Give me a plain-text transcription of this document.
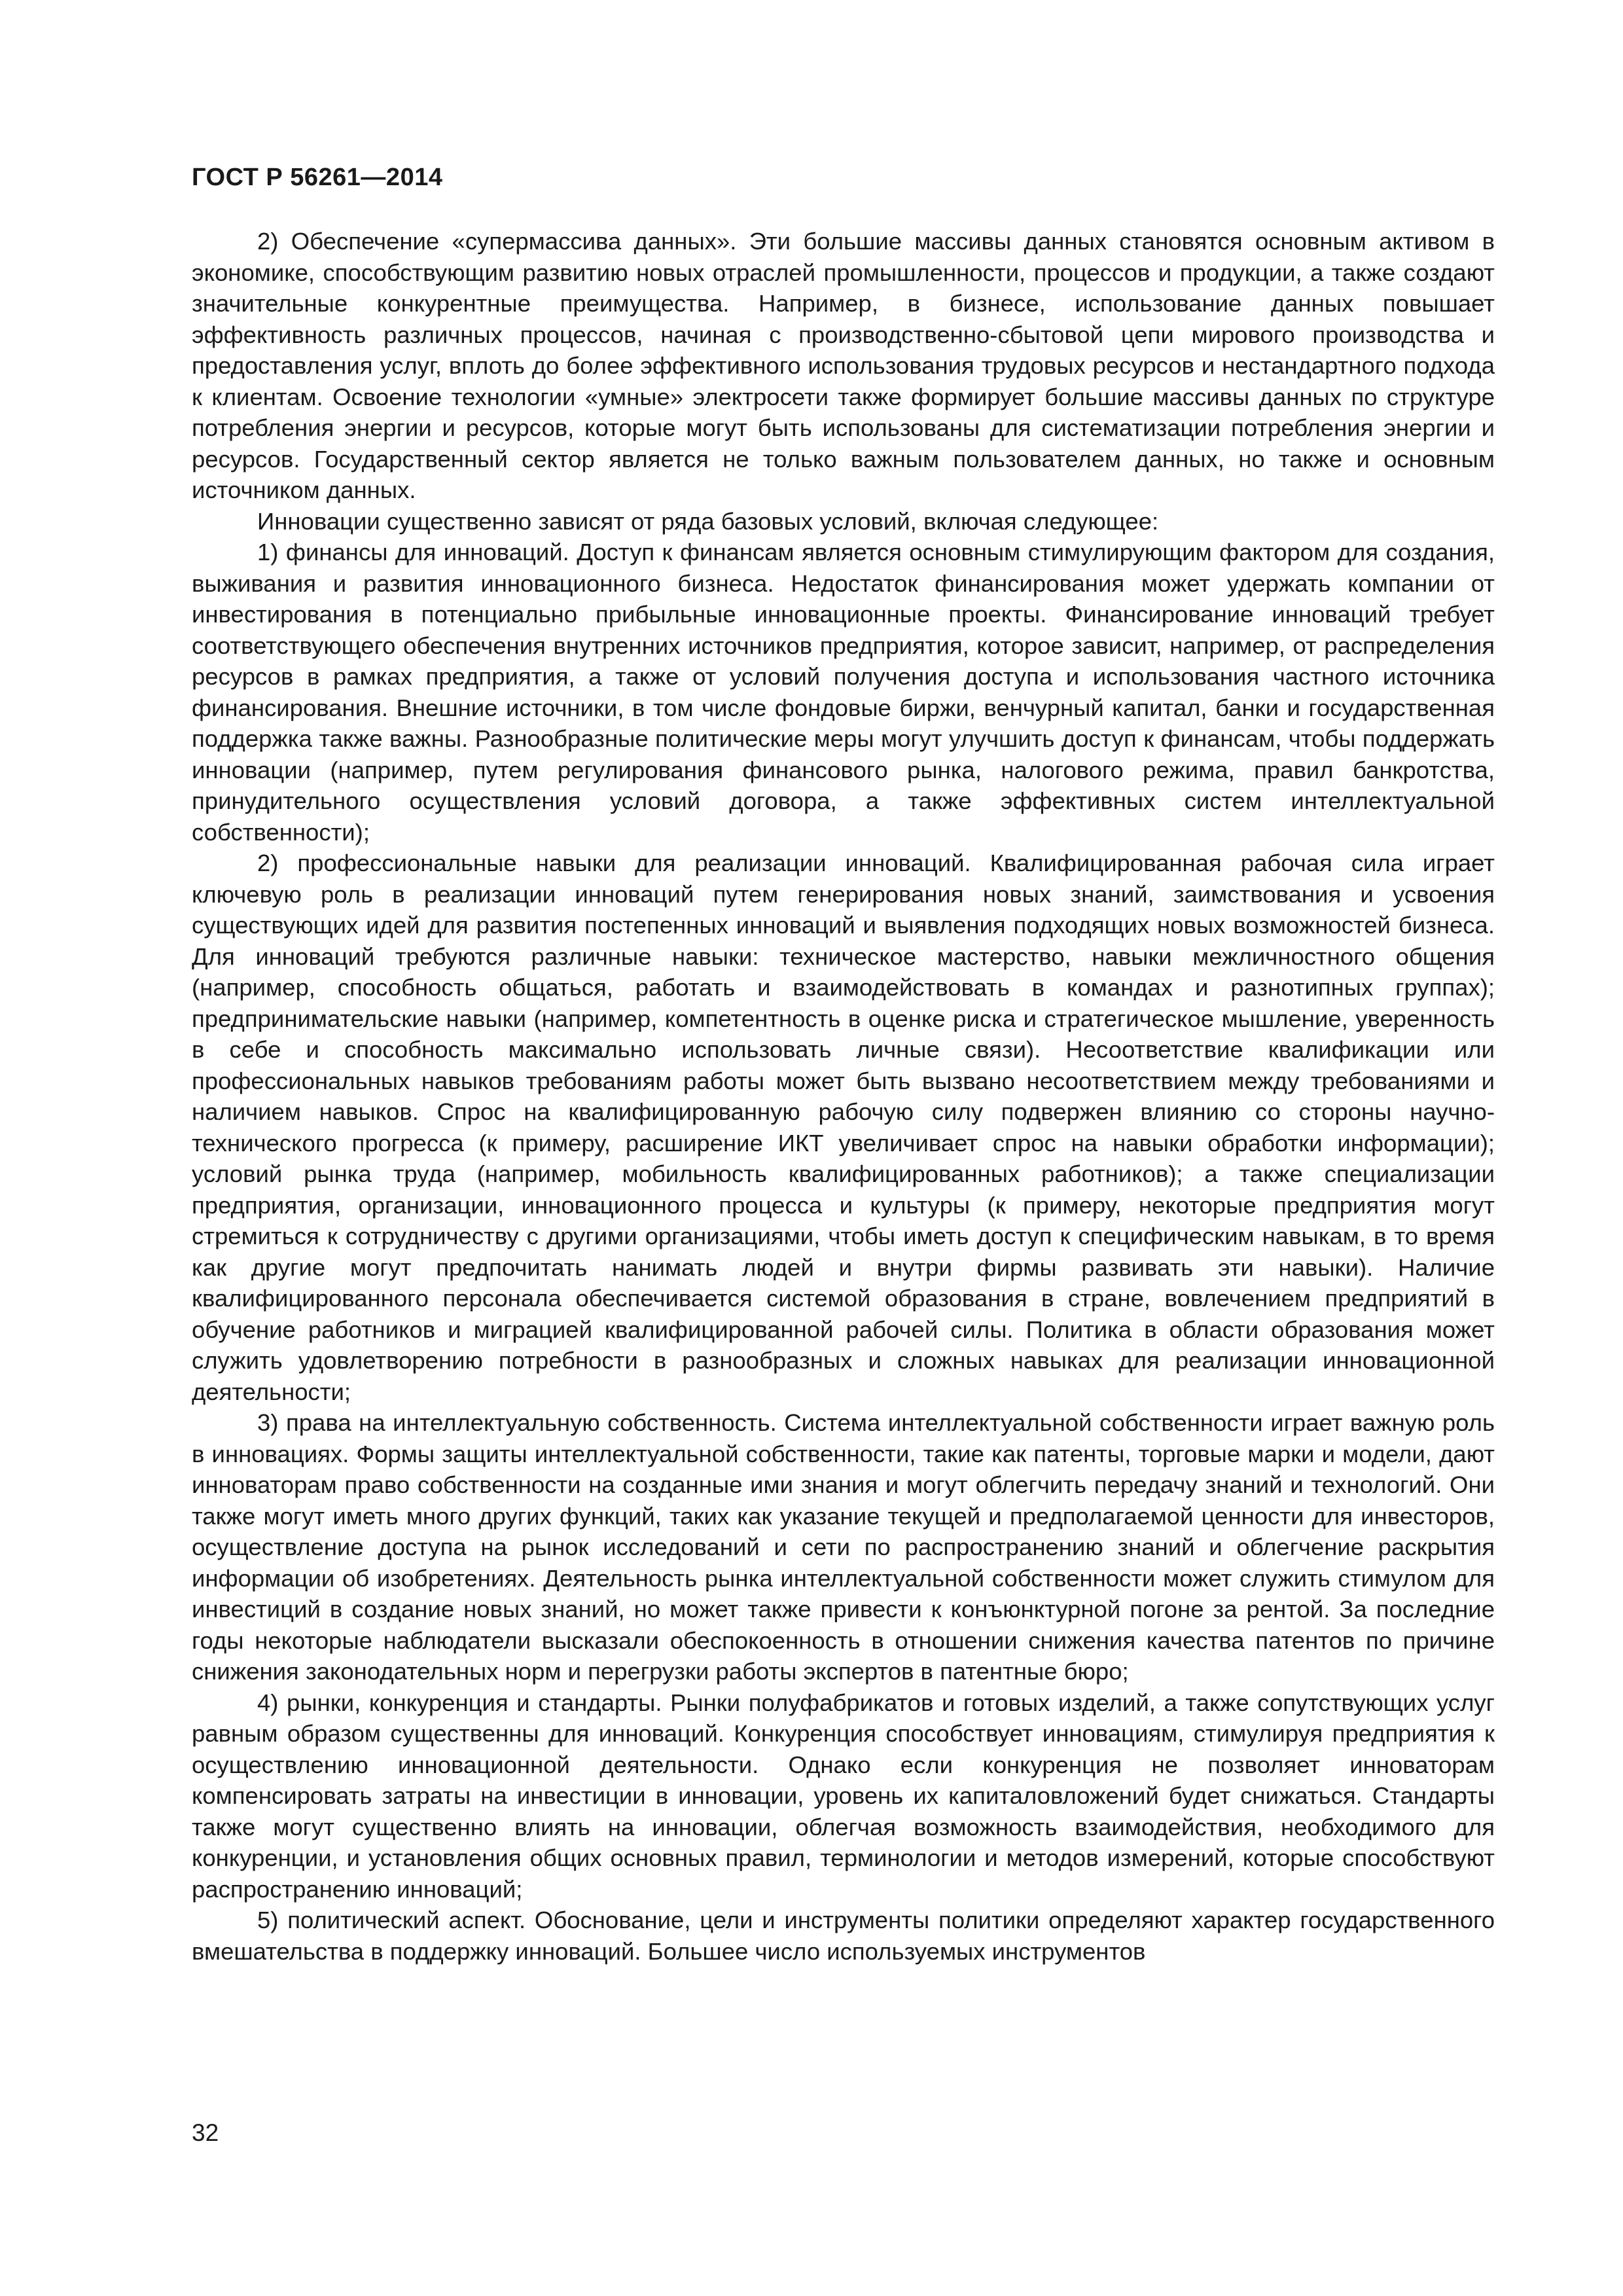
ГОСТ Р 56261—2014

2) Обеспечение «супермассива данных». Эти большие массивы данных становятся основным активом в экономике, способствующим развитию новых отраслей промышленности, процессов и продукции, а также создают значительные конкурентные преимущества. Например, в бизнесе, использование данных повышает эффективность различных процессов, начиная с производственно-сбытовой цепи мирового производства и предоставления услуг, вплоть до более эффективного использования трудовых ресурсов и нестандартного подхода к клиентам. Освоение технологии «умные» электросети также формирует большие массивы данных по структуре потребления энергии и ресурсов, которые могут быть использованы для систематизации потребления энергии и ресурсов. Государственный сектор является не только важным пользователем данных, но также и основным источником данных.

Инновации существенно зависят от ряда базовых условий, включая следующее:

1) финансы для инноваций. Доступ к финансам является основным стимулирующим фактором для создания, выживания и развития инновационного бизнеса. Недостаток финансирования может удержать компании от инвестирования в потенциально прибыльные инновационные проекты. Финансирование инноваций требует соответствующего обеспечения внутренних источников предприятия, которое зависит, например, от распределения ресурсов в рамках предприятия, а также от условий получения доступа и использования частного источника финансирования. Внешние источники, в том числе фондовые биржи, венчурный капитал, банки и государственная поддержка также важны. Разнообразные политические меры могут улучшить доступ к финансам, чтобы поддержать инновации (например, путем регулирования финансового рынка, налогового режима, правил банкротства, принудительного осуществления условий договора, а также эффективных систем интеллектуальной собственности);

2) профессиональные навыки для реализации инноваций. Квалифицированная рабочая сила играет ключевую роль в реализации инноваций путем генерирования новых знаний, заимствования и усвоения существующих идей для развития постепенных инноваций и выявления подходящих новых возможностей бизнеса. Для инноваций требуются различные навыки: техническое мастерство, навыки межличностного общения (например, способность общаться, работать и взаимодействовать в командах и разнотипных группах); предпринимательские навыки (например, компетентность в оценке риска и стратегическое мышление, уверенность в себе и способность максимально использовать личные связи). Несоответствие квалификации или профессиональных навыков требованиям работы может быть вызвано несоответствием между требованиями и наличием навыков. Спрос на квалифицированную рабочую силу подвержен влиянию со стороны научно-технического прогресса (к примеру, расширение ИКТ увеличивает спрос на навыки обработки информации); условий рынка труда (например, мобильность квалифицированных работников); а также специализации предприятия, организации, инновационного процесса и культуры (к примеру, некоторые предприятия могут стремиться к сотрудничеству с другими организациями, чтобы иметь доступ к специфическим навыкам, в то время как другие могут предпочитать нанимать людей и внутри фирмы развивать эти навыки). Наличие квалифицированного персонала обеспечивается системой образования в стране, вовлечением предприятий в обучение работников и миграцией квалифицированной рабочей силы. Политика в области образования может служить удовлетворению потребности в разнообразных и сложных навыках для реализации инновационной деятельности;

3) права на интеллектуальную собственность. Система интеллектуальной собственности играет важную роль в инновациях. Формы защиты интеллектуальной собственности, такие как патенты, торговые марки и модели, дают инноваторам право собственности на созданные ими знания и могут облегчить передачу знаний и технологий. Они также могут иметь много других функций, таких как указание текущей и предполагаемой ценности для инвесторов, осуществление доступа на рынок исследований и сети по распространению знаний и облегчение раскрытия информации об изобретениях. Деятельность рынка интеллектуальной собственности может служить стимулом для инвестиций в создание новых знаний, но может также привести к конъюнктурной погоне за рентой. За последние годы некоторые наблюдатели высказали обеспокоенность в отношении снижения качества патентов по причине снижения законодательных норм и перегрузки работы экспертов в патентные бюро;

4) рынки, конкуренция и стандарты. Рынки полуфабрикатов и готовых изделий, а также сопутствующих услуг равным образом существенны для инноваций. Конкуренция способствует инновациям, стимулируя предприятия к осуществлению инновационной деятельности. Однако если конкуренция не позволяет инноваторам компенсировать затраты на инвестиции в инновации, уровень их капиталовложений будет снижаться. Стандарты также могут существенно влиять на инновации, облегчая возможность взаимодействия, необходимого для конкуренции, и установления общих основных правил, терминологии и методов измерений, которые способствуют распространению инноваций;

5) политический аспект. Обоснование, цели и инструменты политики определяют характер государственного вмешательства в поддержку инноваций. Большее число используемых инструментов

32
